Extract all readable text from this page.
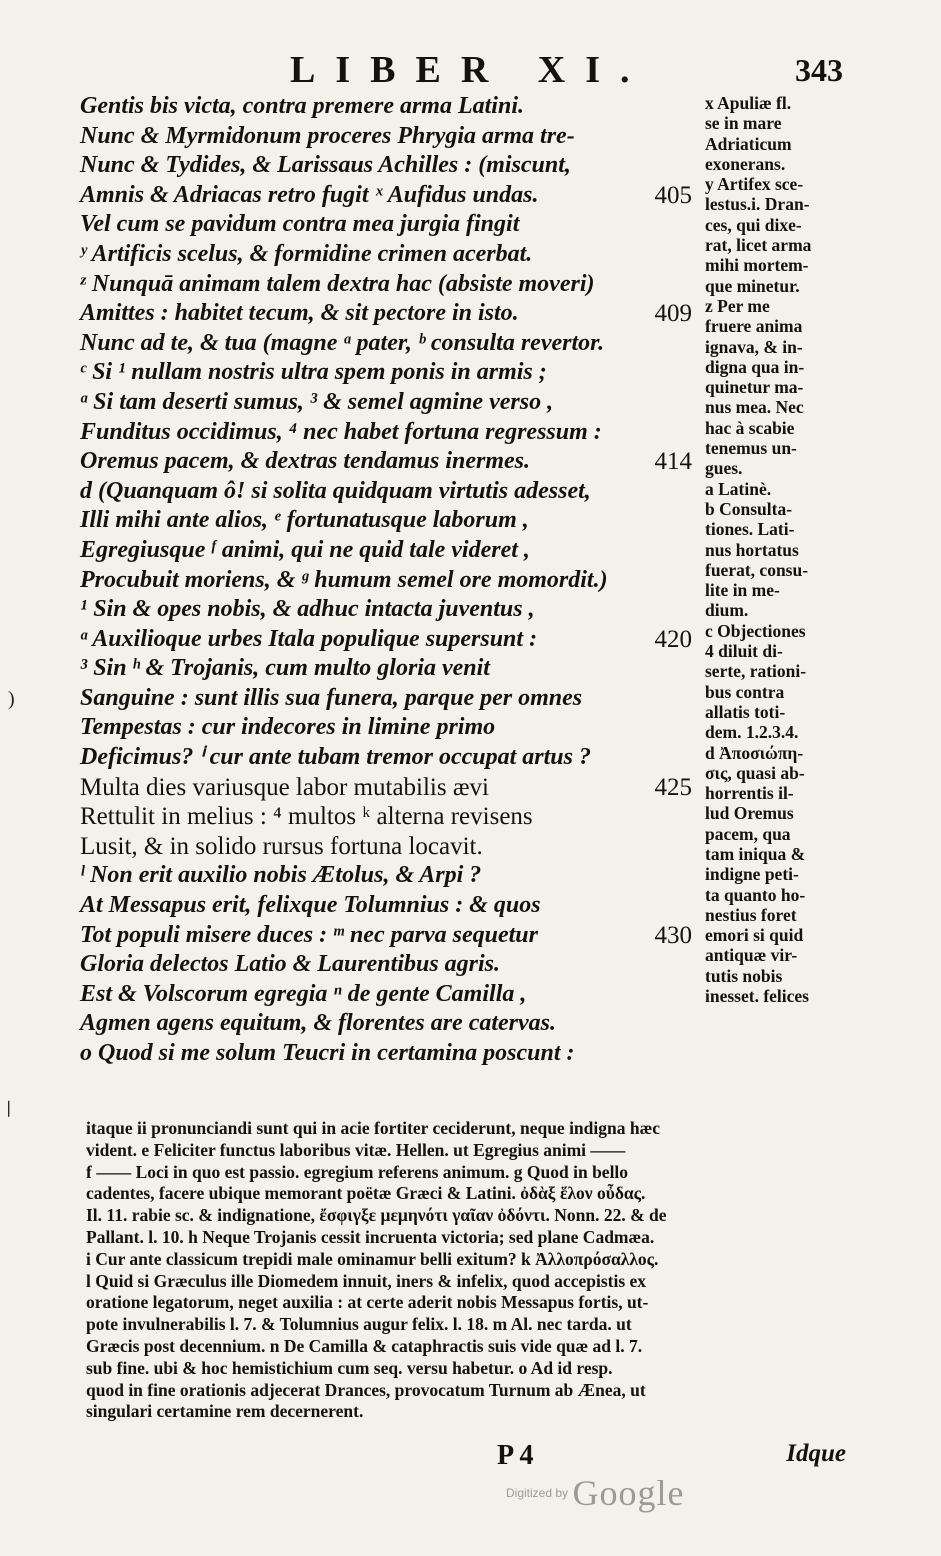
LIBER XI.	343
)
❘
Gentis bis victa, contra premere arma Latini.
Nunc & Myrmidonum proceres Phrygia arma tre-
Nunc & Tydides, & Larissaus Achilles : (miscunt,
Amnis & Adriacas retro fugit ˣ Aufidus undas.	405
Vel cum se pavidum contra mea jurgia fingit
ʸ Artificis scelus, & formidine crimen acerbat.
ᶻ Nunquā animam talem dextra hac (absiste moveri)
Amittes : habitet tecum, & sit pectore in isto.	409
Nunc ad te, & tua (magne ᵃ pater, ᵇ consulta revertor.
ᶜ Si ¹ nullam nostris ultra spem ponis in armis ;
ᵃ Si tam deserti sumus, ³ & semel agmine verso ,
Funditus occidimus, ⁴ nec habet fortuna regressum :
Oremus pacem, & dextras tendamus inermes.	414
d (Quanquam ô! si solita quidquam virtutis adesset,
Illi mihi ante alios, ᵉ fortunatusque laborum ,
Egregiusque ᶠ animi, qui ne quid tale videret ,
Procubuit moriens, & ᵍ humum semel ore momordit.)
¹ Sin & opes nobis, & adhuc intacta juventus ,
ᵃ Auxilioque urbes Itala populique supersunt :	420
³ Sin ʰ & Trojanis, cum multo gloria venit
Sanguine : sunt illis sua funera, parque per omnes
Tempestas : cur indecores in limine primo
Deficimus? ⁱ cur ante tubam tremor occupat artus ?
Multa dies variusque labor mutabilis ævi	425
Rettulit in melius : ⁴ multos ᵏ alterna revisens
Lusit, & in solido rursus fortuna locavit.
ˡ Non erit auxilio nobis Ætolus, & Arpi ?
At Messapus erit, felixque Tolumnius : & quos
Tot populi misere duces : ᵐ nec parva sequetur	430
Gloria delectos Latio & Laurentibus agris.
Est & Volscorum egregia ⁿ de gente Camilla ,
Agmen agens equitum, & florentes are catervas.
o Quod si me solum Teucri in certamina poscunt :
x Apuliæ fl.
se in mare
Adriaticum
exonerans.
y Artifex sce-
lestus.i. Dran-
ces, qui dixe-
rat, licet arma
mihi mortem-
que minetur.
z Per me
fruere anima
ignava, & in-
digna qua in-
quinetur ma-
nus mea. Nec
hac à scabie
tenemus un-
gues.
a Latinè.
b Consulta-
tiones. Lati-
nus hortatus
fuerat, consu-
lite in me-
dium.
c Objectiones
4 diluit di-
serte, rationi-
bus contra
allatis toti-
dem. 1.2.3.4.
d Ἀποσιώπη-
σις, quasi ab-
horrentis il-
lud Oremus
pacem, qua
tam iniqua &
indigne peti-
ta quanto ho-
nestius foret
emori si quid
antiquæ vir-
tutis nobis
inesset. felices
itaque ii pronunciandi sunt qui in acie fortiter ceciderunt, neque indigna hæc
vident. e Feliciter functus laboribus vitæ. Hellen. ut Egregius animi ——
f —— Loci in quo est passio. egregium referens animum. g Quod in bello
cadentes, facere ubique memorant poëtæ Græci & Latini. ὀδὰξ ἕλον οὖδας.
Il. 11. rabie sc. & indignatione, ἔσφιγξε μεμηνότι γαῖαν ὀδόντι. Nonn. 22. & de
Pallant. l. 10. h Neque Trojanis cessit incruenta victoria; sed plane Cadmæa.
i Cur ante classicum trepidi male ominamur belli exitum? k Ἀλλοπρόσαλλος.
l Quid si Græculus ille Diomedem innuit, iners & infelix, quod accepistis ex
oratione legatorum, neget auxilia : at certe aderit nobis Messapus fortis, ut-
pote invulnerabilis l. 7. & Tolumnius augur felix. l. 18. m Al. nec tarda. ut
Græcis post decennium. n De Camilla & cataphractis suis vide quæ ad l. 7.
sub fine. ubi & hoc hemistichium cum seq. versu habetur. o Ad id resp.
quod in fine orationis adjecerat Drances, provocatum Turnum ab Ænea, ut
singulari certamine rem decernerent.
P 4	Idque
Digitized by Google
